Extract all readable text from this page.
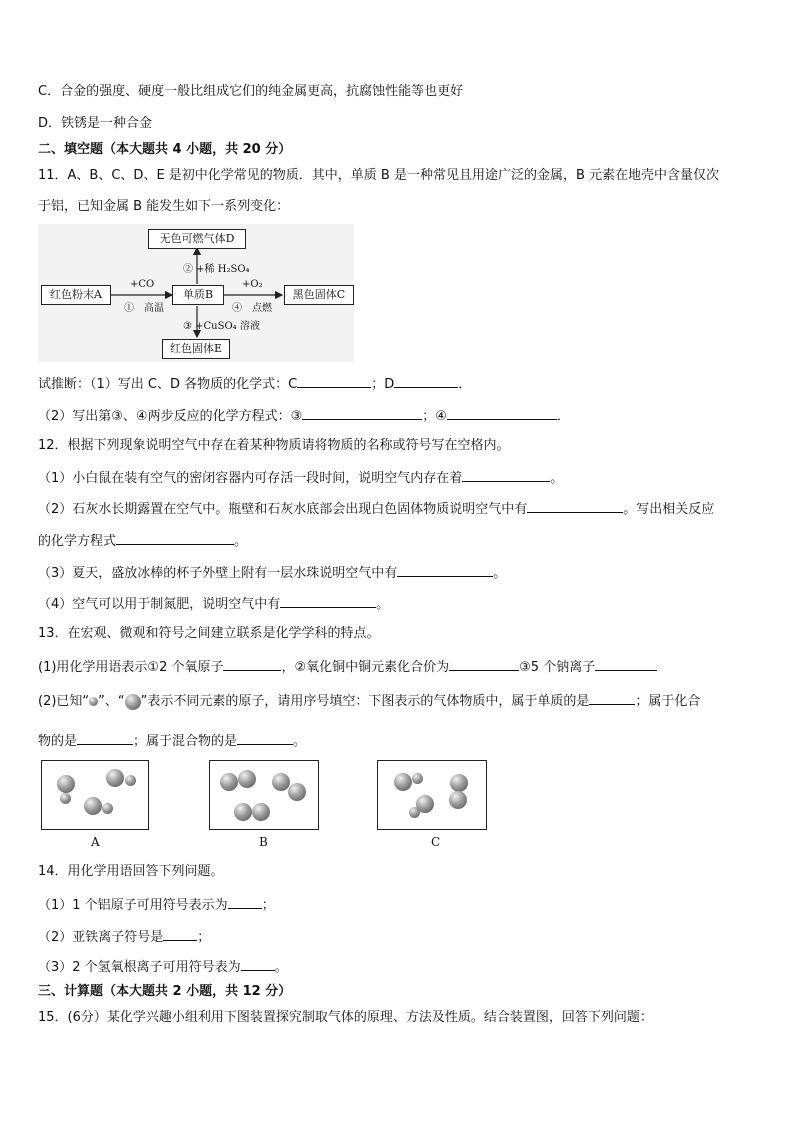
C．合金的强度、硬度一般比组成它们的纯金属更高，抗腐蚀性能等也更好
D．铁锈是一种合金
二、填空题（本大题共 4 小题，共 20 分）
11．A、B、C、D、E 是初中化学常见的物质．其中，单质 B 是一种常见且用途广泛的金属，B 元素在地壳中含量仅次
于铝，已知金属 B 能发生如下一系列变化：
无色可燃气体D
红色粉末A	单质B	黑色固体C
红色固体E
② +稀 H₂SO₄
+CO
①　高温
+O₂
④　点燃
③ +CuSO₄ 溶液
试推断：（1）写出 C、D 各物质的化学式：C	；D	．
（2）写出第③、④两步反应的化学方程式：③	；④	．
12．根据下列现象说明空气中存在着某种物质请将物质的名称或符号写在空格内。
（1）小白鼠在装有空气的密闭容器内可存活一段时间，说明空气内存在着	。
（2）石灰水长期露置在空气中。瓶壁和石灰水底部会出现白色固体物质说明空气中有	。写出相关反应
的化学方程式	。
（3）夏天，盛放冰棒的杯子外壁上附有一层水珠说明空气中有	。
（4）空气可以用于制氮肥，说明空气中有	。
13．在宏观、微观和符号之间建立联系是化学学科的特点。
(1)用化学用语表示①2 个氧原子	，②氧化铜中铜元素化合价为	③5 个钠离子
(2)已知“ ”、“ ”表示不同元素的原子，请用序号填空：下图表示的气体物质中，属于单质的是	；属于化合
物的是	；属于混合物的是	。
A	B	C
14．用化学用语回答下列问题。
（1）1 个铝原子可用符号表示为	；
（2）亚铁离子符号是	；
（3）2 个氢氧根离子可用符号表为	。
三、计算题（本大题共 2 小题，共 12 分）
15．(6分）某化学兴趣小组利用下图装置探究制取气体的原理、方法及性质。结合装置图，回答下列问题：
